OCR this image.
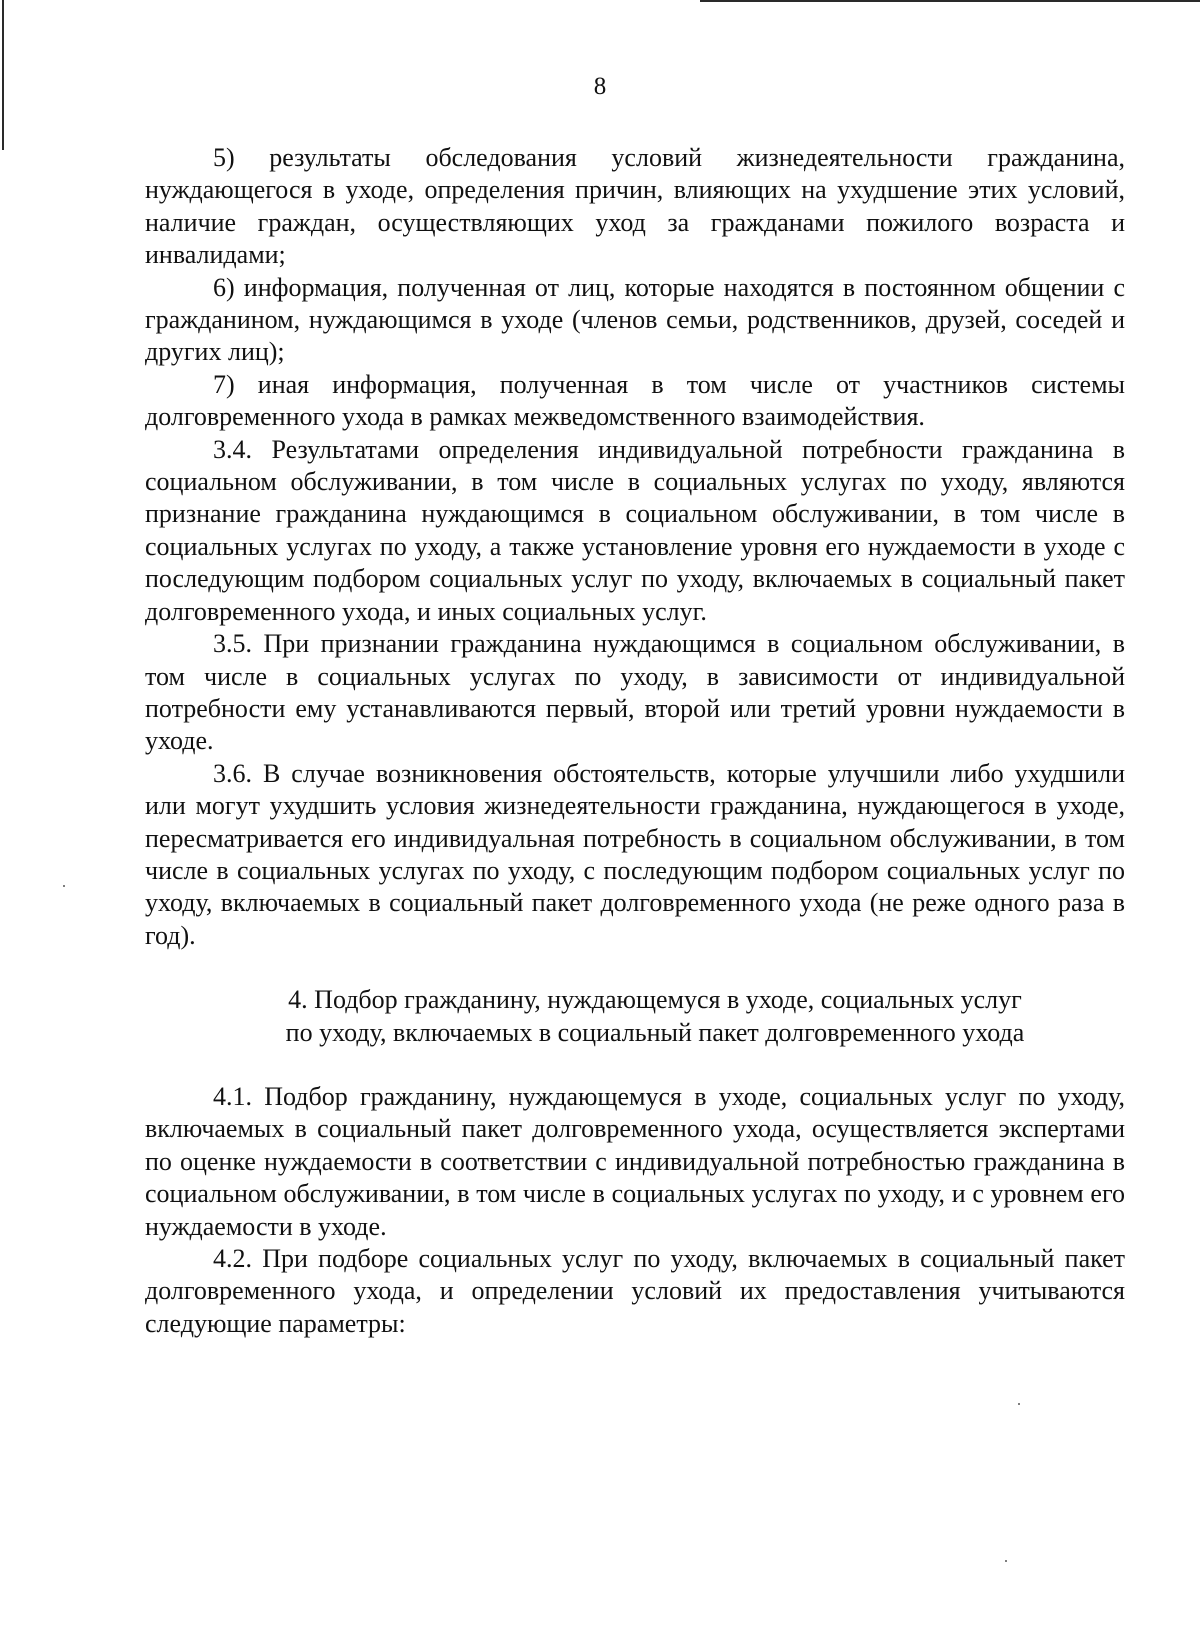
8

5) результаты обследования условий жизнедеятельности гражданина, нуждающегося в уходе, определения причин, влияющих на ухудшение этих условий, наличие граждан, осуществляющих уход за гражданами пожилого возраста и инвалидами;

6) информация, полученная от лиц, которые находятся в постоянном общении с гражданином, нуждающимся в уходе (членов семьи, родственников, друзей, соседей и других лиц);

7) иная информация, полученная в том числе от участников системы долговременного ухода в рамках межведомственного взаимодействия.

3.4. Результатами определения индивидуальной потребности гражданина в социальном обслуживании, в том числе в социальных услугах по уходу, являются признание гражданина нуждающимся в социальном обслуживании, в том числе в социальных услугах по уходу, а также установление уровня его нуждаемости в уходе с последующим подбором социальных услуг по уходу, включаемых в социальный пакет долговременного ухода, и иных социальных услуг.

3.5. При признании гражданина нуждающимся в социальном обслуживании, в том числе в социальных услугах по уходу, в зависимости от индивидуальной потребности ему устанавливаются первый, второй или третий уровни нуждаемости в уходе.

3.6. В случае возникновения обстоятельств, которые улучшили либо ухудшили или могут ухудшить условия жизнедеятельности гражданина, нуждающегося в уходе, пересматривается его индивидуальная потребность в социальном обслуживании, в том числе в социальных услугах по уходу, с последующим подбором социальных услуг по уходу, включаемых в социальный пакет долговременного ухода (не реже одного раза в год).

4. Подбор гражданину, нуждающемуся в уходе, социальных услуг
по уходу, включаемых в социальный пакет долговременного ухода

4.1. Подбор гражданину, нуждающемуся в уходе, социальных услуг по уходу, включаемых в социальный пакет долговременного ухода, осуществляется экспертами по оценке нуждаемости в соответствии с индивидуальной потребностью гражданина в социальном обслуживании, в том числе в социальных услугах по уходу, и с уровнем его нуждаемости в уходе.

4.2. При подборе социальных услуг по уходу, включаемых в социальный пакет долговременного ухода, и определении условий их предоставления учитываются следующие параметры:
